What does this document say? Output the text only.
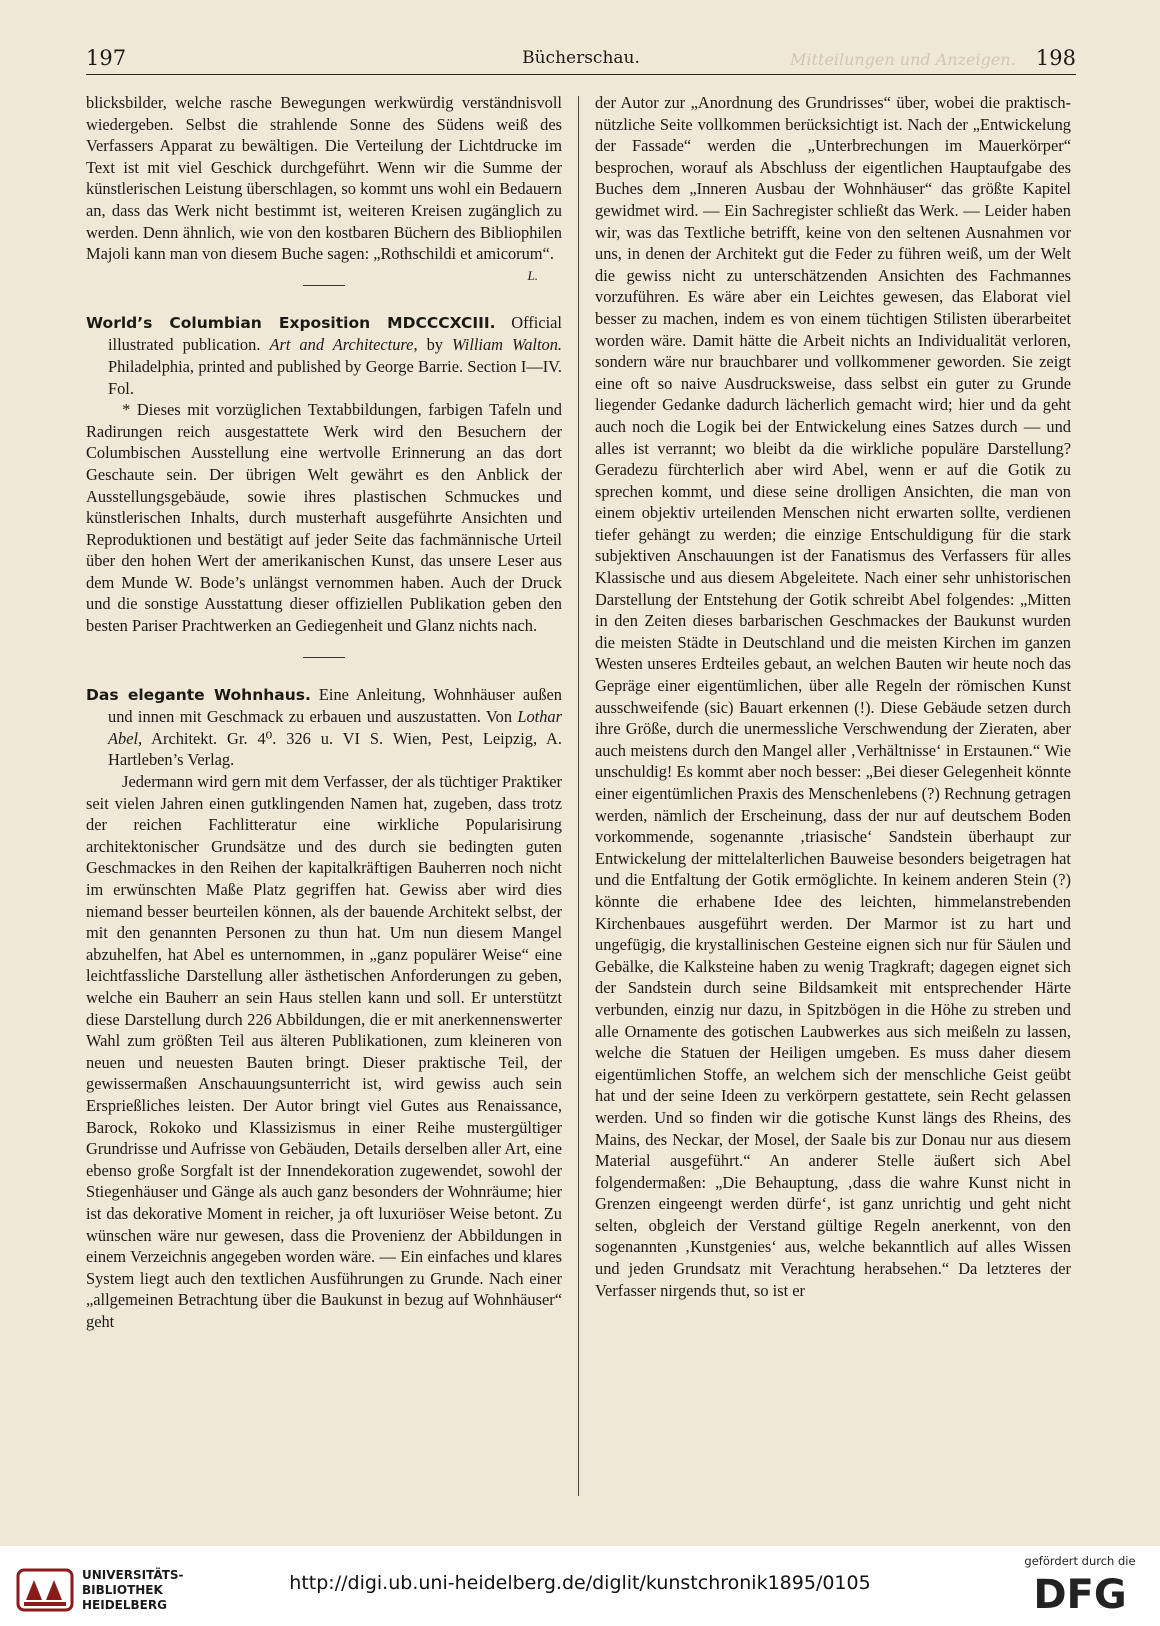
197	Bücherschau.	198
Mitteilungen und Anzeigen.

blicksbilder, welche rasche Bewegungen werkwürdig verständnisvoll wiedergeben. Selbst die strahlende Sonne des Südens weiß des Verfassers Apparat zu bewältigen. Die Verteilung der Lichtdrucke im Text ist mit viel Geschick durchgeführt. Wenn wir die Summe der künstlerischen Leistung überschlagen, so kommt uns wohl ein Bedauern an, dass das Werk nicht bestimmt ist, weiteren Kreisen zugänglich zu werden. Denn ähnlich, wie von den kostbaren Büchern des Bibliophilen Majoli kann man von diesem Buche sagen: „Rothschildi et amicorum“.
L.

World’s Columbian Exposition MDCCCXCIII. Official illustrated publication. Art and Architecture, by William Walton. Philadelphia, printed and published by George Barrie. Section I—IV. Fol.

* Dieses mit vorzüglichen Textabbildungen, farbigen Tafeln und Radirungen reich ausgestattete Werk wird den Besuchern der Columbischen Ausstellung eine wertvolle Erinnerung an das dort Geschaute sein. Der übrigen Welt gewährt es den Anblick der Ausstellungsgebäude, sowie ihres plastischen Schmuckes und künstlerischen Inhalts, durch musterhaft ausgeführte Ansichten und Reproduktionen und bestätigt auf jeder Seite das fachmännische Urteil über den hohen Wert der amerikanischen Kunst, das unsere Leser aus dem Munde W. Bode’s unlängst vernommen haben. Auch der Druck und die sonstige Ausstattung dieser offiziellen Publikation geben den besten Pariser Prachtwerken an Gediegenheit und Glanz nichts nach.

Das elegante Wohnhaus. Eine Anleitung, Wohnhäuser außen und innen mit Geschmack zu erbauen und auszustatten. Von Lothar Abel, Architekt. Gr. 4⁰. 326 u. VI S. Wien, Pest, Leipzig, A. Hartleben’s Verlag.

Jedermann wird gern mit dem Verfasser, der als tüchtiger Praktiker seit vielen Jahren einen gutklingenden Namen hat, zugeben, dass trotz der reichen Fachlitteratur eine wirkliche Popularisirung architektonischer Grundsätze und des durch sie bedingten guten Geschmackes in den Reihen der kapitalkräftigen Bauherren noch nicht im erwünschten Maße Platz gegriffen hat. Gewiss aber wird dies niemand besser beurteilen können, als der bauende Architekt selbst, der mit den genannten Personen zu thun hat. Um nun diesem Mangel abzuhelfen, hat Abel es unternommen, in „ganz populärer Weise“ eine leichtfassliche Darstellung aller ästhetischen Anforderungen zu geben, welche ein Bauherr an sein Haus stellen kann und soll. Er unterstützt diese Darstellung durch 226 Abbildungen, die er mit anerkennenswerter Wahl zum größten Teil aus älteren Publikationen, zum kleineren von neuen und neuesten Bauten bringt. Dieser praktische Teil, der gewissermaßen Anschauungsunterricht ist, wird gewiss auch sein Ersprießliches leisten. Der Autor bringt viel Gutes aus Renaissance, Barock, Rokoko und Klassizismus in einer Reihe mustergültiger Grundrisse und Aufrisse von Gebäuden, Details derselben aller Art, eine ebenso große Sorgfalt ist der Innendekoration zugewendet, sowohl der Stiegenhäuser und Gänge als auch ganz besonders der Wohnräume; hier ist das dekorative Moment in reicher, ja oft luxuriöser Weise betont. Zu wünschen wäre nur gewesen, dass die Provenienz der Abbildungen in einem Verzeichnis angegeben worden wäre. — Ein einfaches und klares System liegt auch den textlichen Ausführungen zu Grunde. Nach einer „allgemeinen Betrachtung über die Baukunst in bezug auf Wohnhäuser“ geht

der Autor zur „Anordnung des Grundrisses“ über, wobei die praktisch-nützliche Seite vollkommen berücksichtigt ist. Nach der „Entwickelung der Fassade“ werden die „Unterbrechungen im Mauerkörper“ besprochen, worauf als Abschluss der eigentlichen Hauptaufgabe des Buches dem „Inneren Ausbau der Wohnhäuser“ das größte Kapitel gewidmet wird. — Ein Sachregister schließt das Werk. — Leider haben wir, was das Textliche betrifft, keine von den seltenen Ausnahmen vor uns, in denen der Architekt gut die Feder zu führen weiß, um der Welt die gewiss nicht zu unterschätzenden Ansichten des Fachmannes vorzuführen. Es wäre aber ein Leichtes gewesen, das Elaborat viel besser zu machen, indem es von einem tüchtigen Stilisten überarbeitet worden wäre. Damit hätte die Arbeit nichts an Individualität verloren, sondern wäre nur brauchbarer und vollkommener geworden. Sie zeigt eine oft so naive Ausdrucksweise, dass selbst ein guter zu Grunde liegender Gedanke dadurch lächerlich gemacht wird; hier und da geht auch noch die Logik bei der Entwickelung eines Satzes durch — und alles ist verrannt; wo bleibt da die wirkliche populäre Darstellung? Geradezu fürchterlich aber wird Abel, wenn er auf die Gotik zu sprechen kommt, und diese seine drolligen Ansichten, die man von einem objektiv urteilenden Menschen nicht erwarten sollte, verdienen tiefer gehängt zu werden; die einzige Entschuldigung für die stark subjektiven Anschauungen ist der Fanatismus des Verfassers für alles Klassische und aus diesem Abgeleitete. Nach einer sehr unhistorischen Darstellung der Entstehung der Gotik schreibt Abel folgendes: „Mitten in den Zeiten dieses barbarischen Geschmackes der Baukunst wurden die meisten Städte in Deutschland und die meisten Kirchen im ganzen Westen unseres Erdteiles gebaut, an welchen Bauten wir heute noch das Gepräge einer eigentümlichen, über alle Regeln der römischen Kunst ausschweifende (sic) Bauart erkennen (!). Diese Gebäude setzen durch ihre Größe, durch die unermessliche Verschwendung der Zieraten, aber auch meistens durch den Mangel aller ‚Verhältnisse‘ in Erstaunen.“ Wie unschuldig! Es kommt aber noch besser: „Bei dieser Gelegenheit könnte einer eigentümlichen Praxis des Menschenlebens (?) Rechnung getragen werden, nämlich der Erscheinung, dass der nur auf deutschem Boden vorkommende, sogenannte ‚triasische‘ Sandstein überhaupt zur Entwickelung der mittelalterlichen Bauweise besonders beigetragen hat und die Entfaltung der Gotik ermöglichte. In keinem anderen Stein (?) könnte die erhabene Idee des leichten, himmelanstrebenden Kirchenbaues ausgeführt werden. Der Marmor ist zu hart und ungefügig, die krystallinischen Gesteine eignen sich nur für Säulen und Gebälke, die Kalksteine haben zu wenig Tragkraft; dagegen eignet sich der Sandstein durch seine Bildsamkeit mit entsprechender Härte verbunden, einzig nur dazu, in Spitzbögen in die Höhe zu streben und alle Ornamente des gotischen Laubwerkes aus sich meißeln zu lassen, welche die Statuen der Heiligen umgeben. Es muss daher diesem eigentümlichen Stoffe, an welchem sich der menschliche Geist geübt hat und der seine Ideen zu verkörpern gestattete, sein Recht gelassen werden. Und so finden wir die gotische Kunst längs des Rheins, des Mains, des Neckar, der Mosel, der Saale bis zur Donau nur aus diesem Material ausgeführt.“ An anderer Stelle äußert sich Abel folgendermaßen: „Die Behauptung, ‚dass die wahre Kunst nicht in Grenzen eingeengt werden dürfe‘, ist ganz unrichtig und geht nicht selten, obgleich der Verstand gültige Regeln anerkennt, von den sogenannten ‚Kunstgenies‘ aus, welche bekanntlich auf alles Wissen und jeden Grundsatz mit Verachtung herabsehen.“ Da letzteres der Verfasser nirgends thut, so ist er

UNIVERSITÄTS-
BIBLIOTHEK
HEIDELBERG
http://digi.ub.uni-heidelberg.de/diglit/kunstchronik1895/0105
gefördert durch die
DFG
